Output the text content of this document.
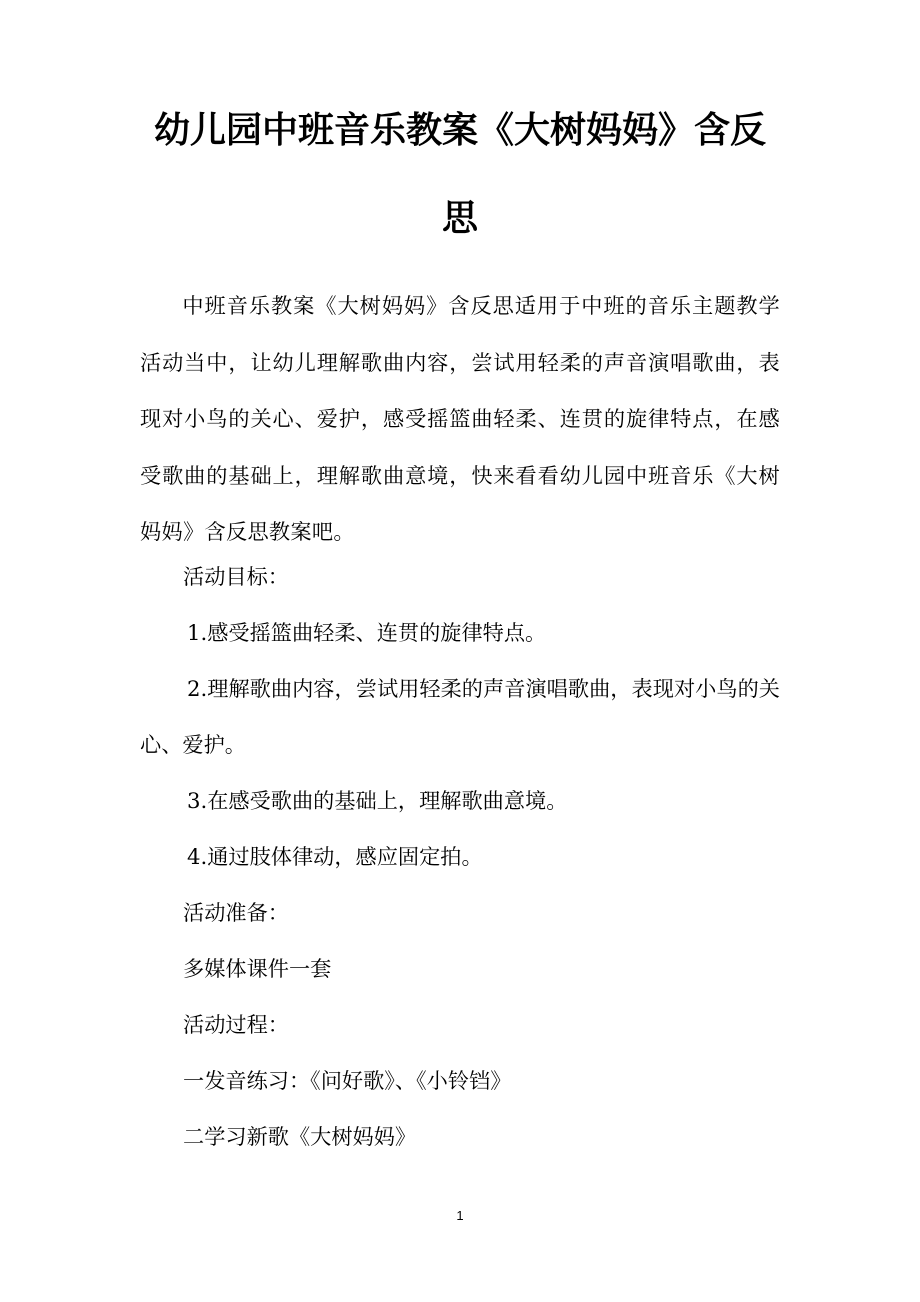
幼儿园中班音乐教案《大树妈妈》含反
思

中班音乐教案《大树妈妈》含反思适用于中班的音乐主题教学活动当中，让幼儿理解歌曲内容，尝试用轻柔的声音演唱歌曲，表现对小鸟的关心、爱护，感受摇篮曲轻柔、连贯的旋律特点，在感受歌曲的基础上，理解歌曲意境，快来看看幼儿园中班音乐《大树妈妈》含反思教案吧。

活动目标：

1.感受摇篮曲轻柔、连贯的旋律特点。

2.理解歌曲内容，尝试用轻柔的声音演唱歌曲，表现对小鸟的关心、爱护。

3.在感受歌曲的基础上，理解歌曲意境。

4.通过肢体律动，感应固定拍。

活动准备：

多媒体课件一套

活动过程：

一发音练习：《问好歌》、《小铃铛》

二学习新歌《大树妈妈》

1
